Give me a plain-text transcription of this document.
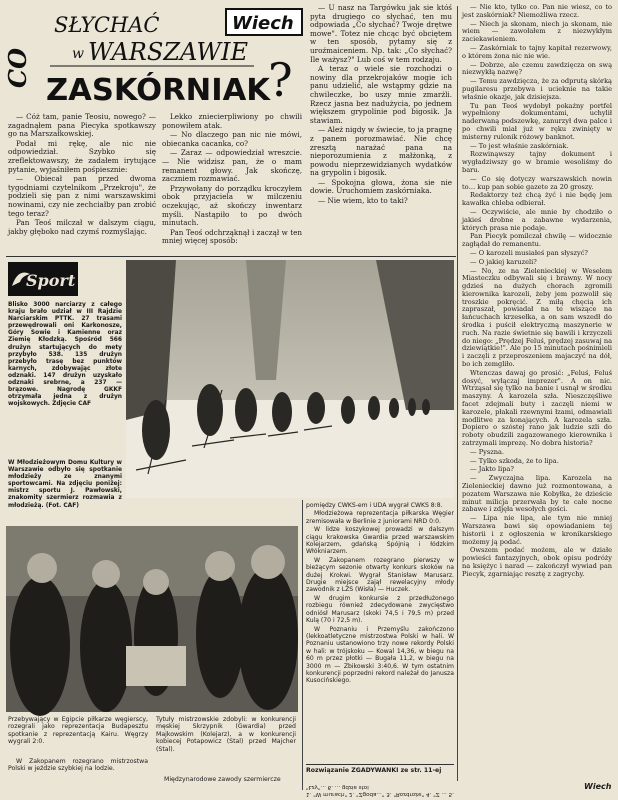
CO
SŁYCHAĆ
w WARSZAWIE
ZASKÓRNIAK ?
Wiech

— Cóż tam, panie Teosiu, nowego? — zagadnąłem pana Piecyka spotkawszy go na Marszałkowskiej.

Podał mi rękę, ale nic nie odpowiedział. Szybko się zreflektowawszy, że zadałem irytujące pytanie, wyjaśniłem pośpiesznie:

— Obiecał pan przed dwoma tygodniami czytelnikom „Przekroju", że podzieli się pan z nimi warszawskimi nowinami, czy nie zechciałby pan zrobić tego teraz?

Pan Teoś milczał w dalszym ciągu, jakby głęboko nad czymś rozmyślając.

Lekko zniecierpliwiony po chwili ponowiłem atak.

— No dlaczego pan nic nie mówi, obiecanka cacanka, co?

— Zaraz — odpowiedział wreszcie. — Nie widzisz pan, że o mam remanent głowy. Jak skończę, zaczniem rozmawiać.

Przywołany do porządku kroczyłem obok przyjaciela w milczeniu oczekując, aż skończy inwentarz myśli. Nastąpiło to po dwóch minutach.

Pan Teoś odchrząknął i zaczął w ten mniej więcej sposób:

— U nasz na Targówku jak sie któś pyta drugiego co słychać, ten mu odpowiada „Co słychać? Twoje drętwe mowe". Totez nie chcąc być obciętem w ten sposób, pytamy się z uroźmaiceniem. Np. tak: „Co słychać? Ile ważysz?" Lub coś w tem rodzaju.

A teraz o wiele sie rozchodzi o nowiny dla przekrojaków mogie ich panu udzielić, ale wstąpmy gdzie na chwileczke, bo uszy mnie zmarżli. Rzecz jasna bez nadużycia, po jednem większem grypolinie pod bigosik. Ja stawiam.

— Ależ nigdy w świecie, to ja pragnę z panem porozmawiać. Nie chcę zresztą narażać pana na nieporozumienia z małżonką, z powodu nieprzewidzianych wydatków na grypolin i bigosik.

— Spokojna głowa, żona sie nie dowie. Uruchomiem zaskórniaka.

— Nie wiem, kto to taki?

— Nie kto, tylko co. Pan nie wiesz, co to jest zaskórniak? Niemożliwa rzecz.

— Niech ja skonam, niech ja skonam, nie wiem — zawołałem z niezwykłym zaciekawieniem.

— Zaskórniak to tajny kapitał rezerwowy, o którem żona nic nie wie.

— Dobrze, ale czemu zawdzięcza on swą niezwykłą nazwę?

— Temu zawdzięcza, że za odprutą skórką pugilaresu przebywa i ucieknie na takie właśnie okazje, jak dzisiejsza.

Tu pan Teoś wydobył pokaźny portfel wypełniony dokumentami, uchylił naderwaną podszewkę, zanurzył dwa palce i po chwili miał już w ręku zwinięty w misterny rulonik różowy banknot.

— To jest właśnie zaskórniak.

Rozwinąwszy tajny dokument i wygładziwszy go w bramie wesoliśmy do baru.

— Co się dotyczy warszawskich nowin to… kup pan sobie gazete za 20 groszy.

Redaktorzy też chcą żyć i nie będę jem kawałka chleba odbierał.

— Oczywiście, ale mnie by chodziło o jakieś drobne a zabawne wydarzenia, których prasa nie podaje.

Pan Piecyk pomilczał chwilę — widocznie zagłądał do remanentu.

— O karozeli musiałeś pan słyszyć?

— O jakiej karuzeli?

— No, ze na Zielenieckiej w Weselem Miasteczku odbywali się i brawny. W nocy gdzieś na dużych chorach zgromili kierownika karozeli, żeby jem pozwolił się troszkie pokręcić. Z miłą chęcią ich zapraszał, powiadał na te wiszące na łańcuchach krzesełka, a on sam wszedł do środka i puścił elektryczną maszynerie w ruch. Na razie świetnie się bawili i krzyczeli do niego: „Prędzej Feluś, prędzej zasuwaj na dziewiątkie!". Ale po 15 minutach pośnimieli i zaczęli z przeproszeniem majaczyć na dół, bo ich zemgliło.

Wtenczas dawaj go prosić: „Feluś, Feluś dosyć, wyłączaj imprezer". A on nic. Wtrząsał się tylko na banie i usnął w środku maszyny. A karozela szła. Nieszczęśliwe facet zdejmali buty i zaczęli niemi w karozele, płakali rzewnymi łzami, odmawiali modlitwe za konających. A karozela szła. Dopiero o szóstej rano jak ludzie szli do roboty obudzili zagazowanego kierownika i zatrzymali imprezę. No dobra historia?

— Pyszna.

— Tylko szkoda, że to lipa.

— Jakto lipa?

— Zwyczajna lipa. Karozela na Zielenieckiej dawno już rozmontowana, a pozatem Warszawa nie Kobyłka, że dzieście minut milicja przerwała by te całe nocne zabawe i zdjęła wesołych gości.

— Lipa nie lipa, ale tym nie mniej Warszawa bawi się opowiadaniem tej historii i z ogłoszenia w kronikarskiego możemy ją podać.

Owszem podać możem, ale w działe powieści fantazyjnych, obok opisu podróży na księżyc i narad — zakończył wywiad pan Piecyk, zgarniając resztę z zagrychy.

Wiech
Sport

Blisko 3000 narciarzy z całego kraju brało udział w III Rajdzie Narciarskim PTTK. 27 trasami przewędrowali oni Karkonosze, Góry Sowie i Kamienne oraz Ziemię Kłodzką. Spośród 566 drużyn startujących do mety przybyło 538. 135 drużyn przebyło trasę bez punktów karnych, zdobywając złote odznaki. 147 drużyn uzyskało odznaki srebrne, a 237 — brązowe. Nagrodę GKKF otrzymała jedna z drużyn wojskowych. Zdjęcie CAF

W Młodzieżowym Domu Kultury w Warszawie odbyło się spotkanie młodzieży ze znanymi sportowcami. Na zdjęciu poniżej: mistrz sportu J. Pawłowski, znakomity szermierz rozmawia z młodzieżą. (Fot. CAF)

Przebywający w Egipcie piłkarze węgierscy, rozegrali jako reprezentacja Budapesztu spotkanie z reprezentacją Kairu. Węgrzy wygrali 2:0.
W Zakopanem rozegrano mistrzostwa Polski w jeździe szybkiej na lodzie.
Tytuły mistrzowskie zdobyli: w konkurencji męskiej Skrzypnik (Gwardia) przed Majkowskim (Kolejarz), a w konkurencji kobiecej Potapowicz (Stal) przed Majcher (Stal).
Międzynarodowe zawody szermiercze

pomiędzy CWKS-em i UDA wygrał CWKS 8:8.

Młodzieżowa reprezentacja piłkarska Węgier zremisowała w Berlinie z juniorami NRD 0:0.

W lidze koszykowej prowadzi w dalszym ciągu krakowska Gwardia przed warszawskim Kolejarzem, gdańską Spójnią i łódzkim Włókniarzem.

W Zakopanem rozegrano pierwszy w bieżącym sezonie otwarty konkurs skoków na dużej Krokwi. Wygrał Stanisław Marusarz. Drugie miejsce zajął rewelacyjny młody zawodnik z LZS (Wisła) — Huczek.

W drugim konkursie z przedłużonego rozbiegu również zdecydowane zwycięstwo odniósł Marusarz (skoki 74,5 i 79,5 m) przed Kulą (70 i 72,5 m).

W Poznaniu i Przemyślu zakończono (lekkoatletyczne mistrzostwa Polski w hali. W Poznaniu ustanowiono trzy nowe rekordy Polski w hali: w trójskoku — Kowal 14,36, w biegu na 60 m przez płotki — Bugała 11,2, w biegu na 3000 m — Zbikowski 3:40,6. W tym ostatnim konkurencji poprzedni rekord należał do Janusza Kusocińskiego.

Rozwiązanie ZGADYWANKI ze str. 11-ej
1. "W murach" 2. "Zgoda..." 3. "Rozdroże" 4. "Z ... 5. "Łzy"... 6. ... gdzie stoi
